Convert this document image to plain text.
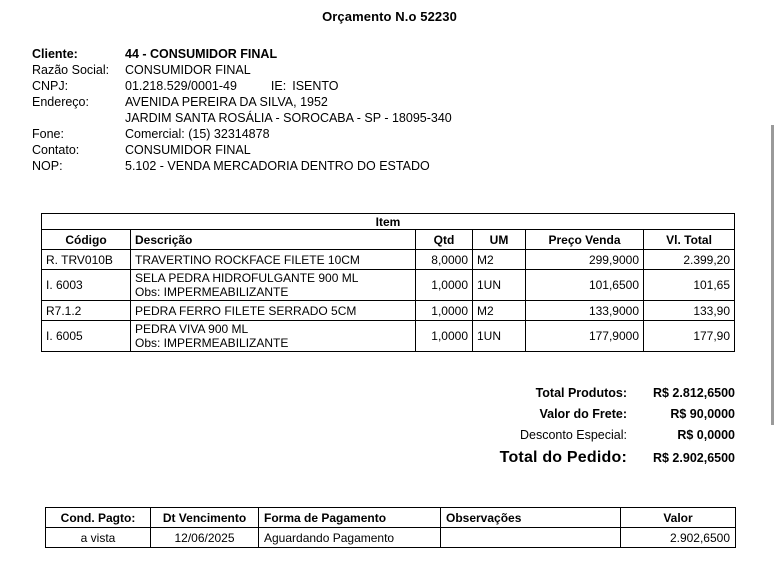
Orçamento N.o 52230
Cliente:	44 - CONSUMIDOR FINAL
Razão Social:	CONSUMIDOR FINAL
CNPJ:	01.218.529/0001-49	IE: ISENTO
Endereço:	AVENIDA PEREIRA DA SILVA, 1952
JARDIM SANTA ROSÁLIA - SOROCABA - SP - 18095-340
Fone:	Comercial: (15) 32314878
Contato:	CONSUMIDOR FINAL
NOP:	5.102 - VENDA MERCADORIA DENTRO DO ESTADO
Item					
Código	Descrição	Qtd	UM	Preço Venda	Vl. Total
R. TRV010B	TRAVERTINO ROCKFACE FILETE 10CM	8,0000	M2	299,9000	2.399,20
I. 6003	SELA PEDRA HIDROFULGANTE 900 ML
Obs: IMPERMEABILIZANTE	1,0000	1UN	101,6500	101,65
R7.1.2	PEDRA FERRO FILETE SERRADO 5CM	1,0000	M2	133,9000	133,90
I. 6005	PEDRA VIVA 900 ML
Obs: IMPERMEABILIZANTE	1,0000	1UN	177,9000	177,90
Total Produtos:	R$ 2.812,6500
Valor do Frete:	R$ 90,0000
Desconto Especial:	R$ 0,0000
Total do Pedido:	R$ 2.902,6500
Cond. Pagto:	Dt Vencimento	Forma de Pagamento	Observações	Valor
a vista	12/06/2025	Aguardando Pagamento		2.902,6500
